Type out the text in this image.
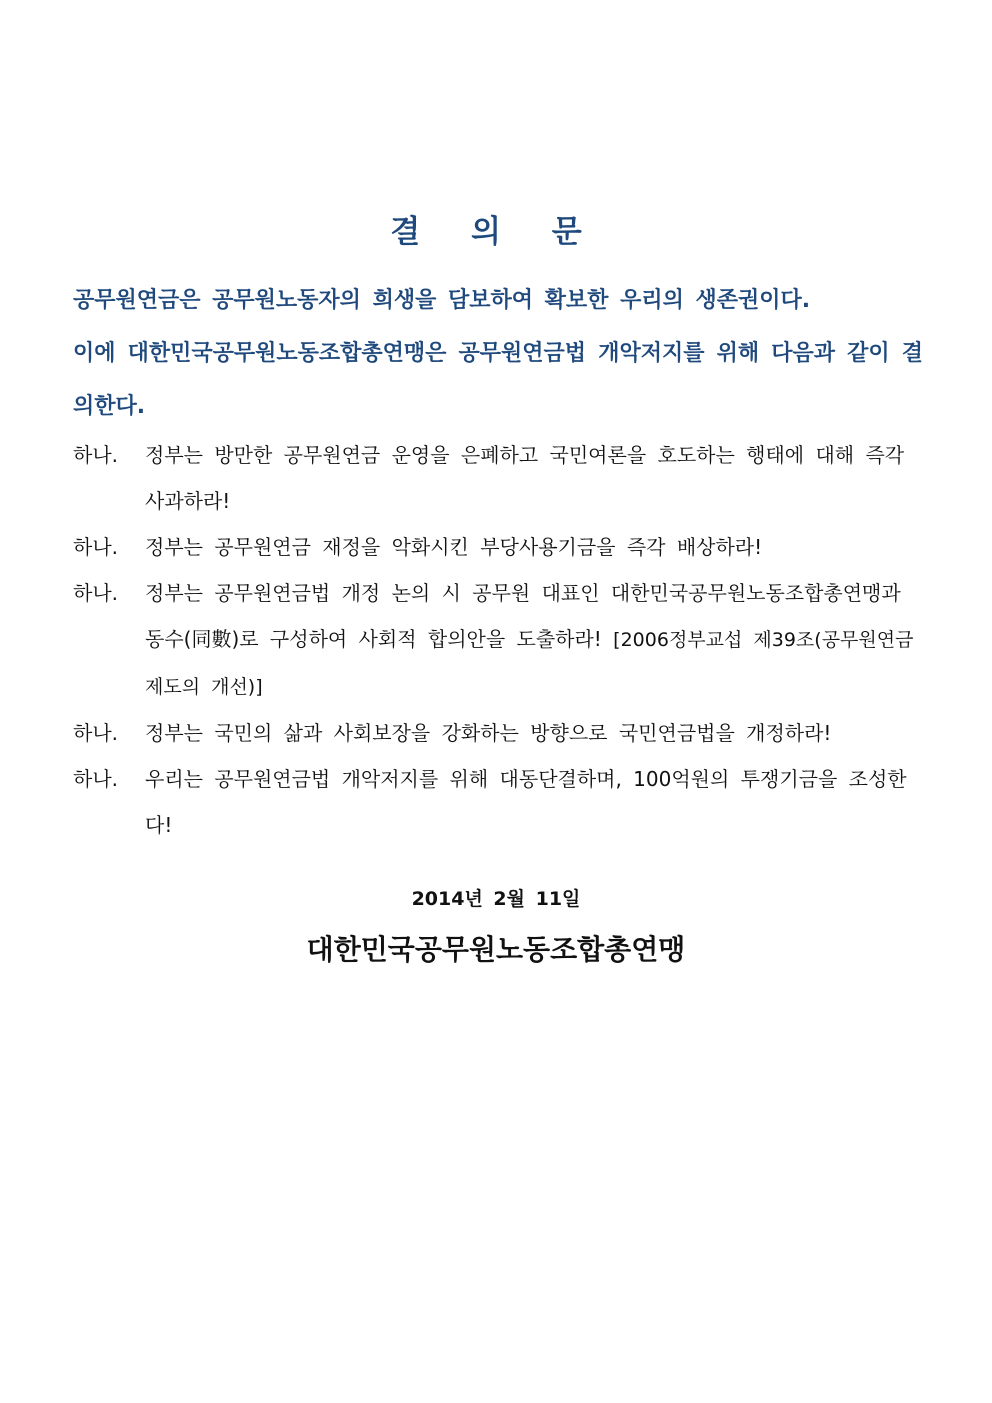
결 의 문

공무원연금은 공무원노동자의 희생을 담보하여 확보한 우리의 생존권이다.

이에 대한민국공무원노동조합총연맹은 공무원연금법 개악저지를 위해 다음과 같이 결의한다.

하나. 정부는 방만한 공무원연금 운영을 은폐하고 국민여론을 호도하는 행태에 대해 즉각 사과하라!
하나. 정부는 공무원연금 재정을 악화시킨 부당사용기금을 즉각 배상하라!
하나. 정부는 공무원연금법 개정 논의 시 공무원 대표인 대한민국공무원노동조합총연맹과 동수(同數)로 구성하여 사회적 합의안을 도출하라! [2006정부교섭 제39조(공무원연금제도의 개선)]
하나. 정부는 국민의 삶과 사회보장을 강화하는 방향으로 국민연금법을 개정하라!
하나. 우리는 공무원연금법 개악저지를 위해 대동단결하며, 100억원의 투쟁기금을 조성한다!
2014년 2월 11일
대한민국공무원노동조합총연맹
